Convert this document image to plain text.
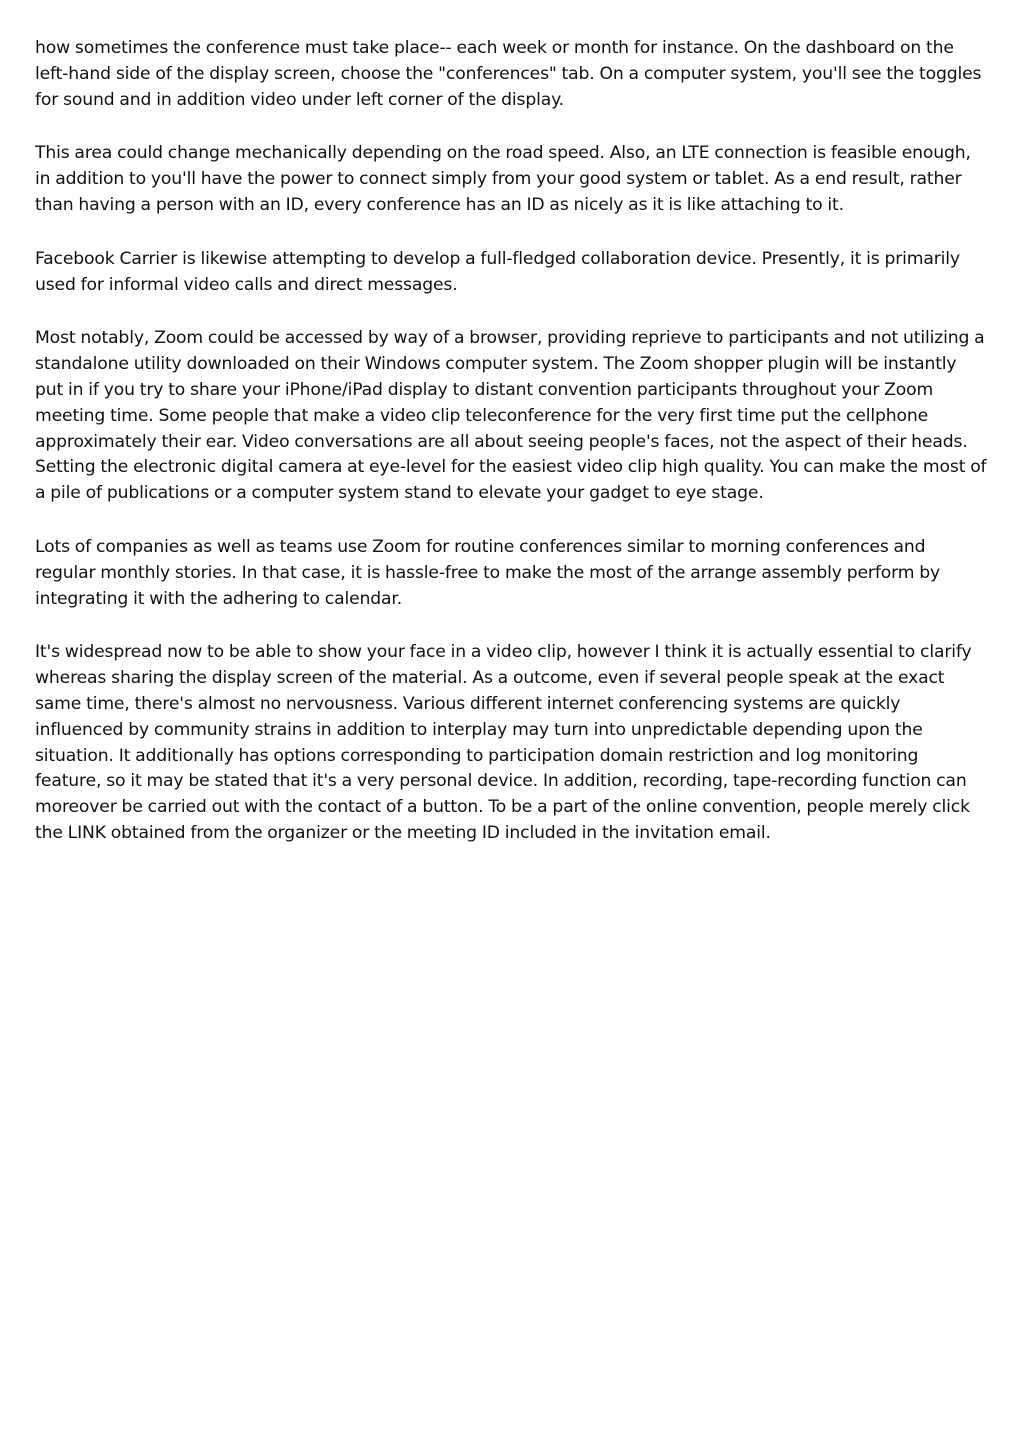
how sometimes the conference must take place-- each week or month for instance. On the dashboard on the left-hand side of the display screen, choose the "conferences" tab. On a computer system, you'll see the toggles for sound and in addition video under left corner of the display.

This area could change mechanically depending on the road speed. Also, an LTE connection is feasible enough, in addition to you'll have the power to connect simply from your good system or tablet. As a end result, rather than having a person with an ID, every conference has an ID as nicely as it is like attaching to it.

Facebook Carrier is likewise attempting to develop a full-fledged collaboration device. Presently, it is primarily used for informal video calls and direct messages.

Most notably, Zoom could be accessed by way of a browser, providing reprieve to participants and not utilizing a standalone utility downloaded on their Windows computer system. The Zoom shopper plugin will be instantly put in if you try to share your iPhone/iPad display to distant convention participants throughout your Zoom meeting time. Some people that make a video clip teleconference for the very first time put the cellphone approximately their ear. Video conversations are all about seeing people's faces, not the aspect of their heads. Setting the electronic digital camera at eye-level for the easiest video clip high quality. You can make the most of a pile of publications or a computer system stand to elevate your gadget to eye stage.

Lots of companies as well as teams use Zoom for routine conferences similar to morning conferences and regular monthly stories. In that case, it is hassle-free to make the most of the arrange assembly perform by integrating it with the adhering to calendar.

It's widespread now to be able to show your face in a video clip, however I think it is actually essential to clarify whereas sharing the display screen of the material. As a outcome, even if several people speak at the exact same time, there's almost no nervousness. Various different internet conferencing systems are quickly influenced by community strains in addition to interplay may turn into unpredictable depending upon the situation. It additionally has options corresponding to participation domain restriction and log monitoring feature, so it may be stated that it's a very personal device. In addition, recording, tape-recording function can moreover be carried out with the contact of a button. To be a part of the online convention, people merely click the LINK obtained from the organizer or the meeting ID included in the invitation email.
